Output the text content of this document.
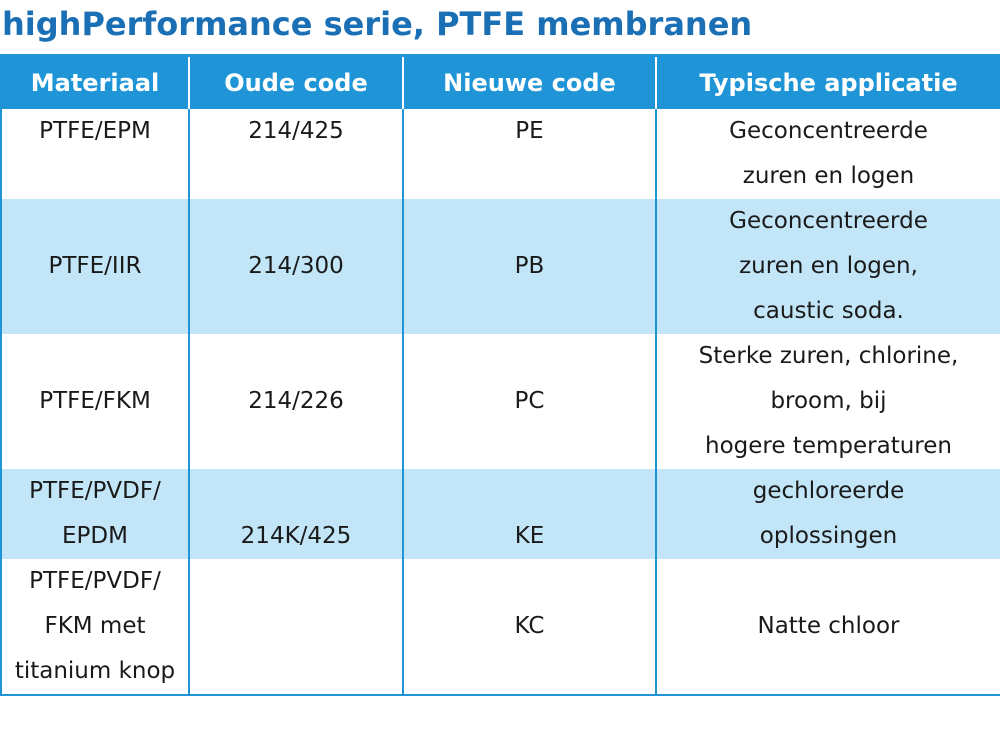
highPerformance serie, PTFE membranen
Materiaal	Oude code	Nieuwe code	Typische applicatie

PTFE/EPM	214/425	PE	Geconcentreerde
zuren en logen

PTFE/IIR	214/300	PB	Geconcentreerde
zuren en logen,
caustic soda.

PTFE/FKM	214/226	PC	Sterke zuren, chlorine,
broom, bij
hogere temperaturen

PTFE/PVDF/
EPDM	214K/425	KE	gechloreerde
oplossingen

PTFE/PVDF/
FKM met
titanium knop		KC	Natte chloor
